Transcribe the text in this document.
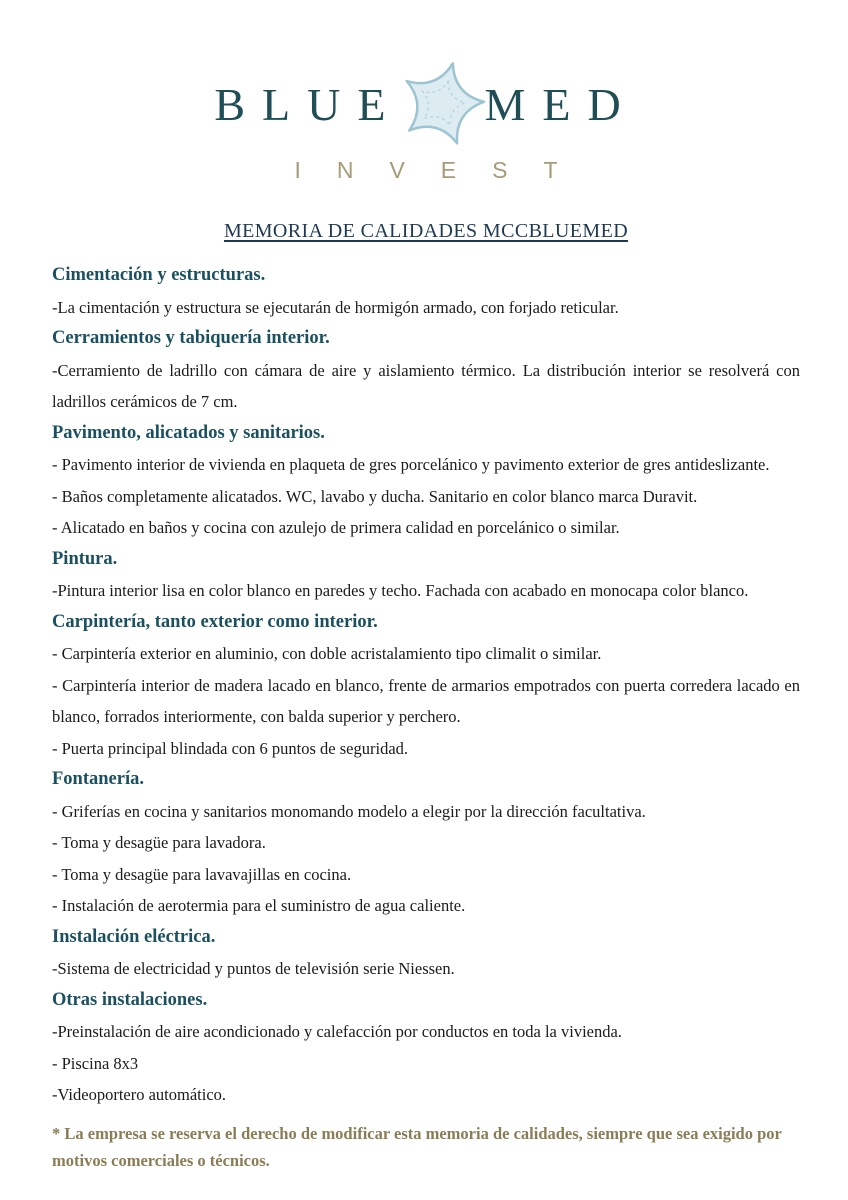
BLUE MED
INVEST
MEMORIA DE CALIDADES MCCBLUEMED
Cimentación y estructuras.

-La cimentación y estructura se ejecutarán de hormigón armado, con forjado reticular.

Cerramientos y tabiquería interior.

-Cerramiento de ladrillo con cámara de aire y aislamiento térmico. La distribución interior se resolverá con ladrillos cerámicos de 7 cm.

Pavimento, alicatados y sanitarios.

- Pavimento interior de vivienda en plaqueta de gres porcelánico y pavimento exterior de gres antideslizante.

- Baños completamente alicatados. WC, lavabo y ducha. Sanitario en color blanco marca Duravit.

- Alicatado en baños y cocina con azulejo de primera calidad en porcelánico o similar.

Pintura.

-Pintura interior lisa en color blanco en paredes y techo. Fachada con acabado en monocapa color blanco.

Carpintería, tanto exterior como interior.

- Carpintería exterior en aluminio, con doble acristalamiento tipo climalit o similar.

- Carpintería interior de madera lacado en blanco, frente de armarios empotrados con puerta corredera lacado en blanco, forrados interiormente, con balda superior y perchero.

- Puerta principal blindada con 6 puntos de seguridad.

Fontanería.

- Griferías en cocina y sanitarios monomando modelo a elegir por la dirección facultativa.

- Toma y desagüe para lavadora.

- Toma y desagüe para lavavajillas en cocina.

- Instalación de aerotermia para el suministro de agua caliente.

Instalación eléctrica.

-Sistema de electricidad y puntos de televisión serie Niessen.

Otras instalaciones.

-Preinstalación de aire acondicionado y calefacción por conductos en toda la vivienda.

- Piscina 8x3

-Videoportero automático.

* La empresa se reserva el derecho de modificar esta memoria de calidades, siempre que sea exigido por motivos comerciales o técnicos.
